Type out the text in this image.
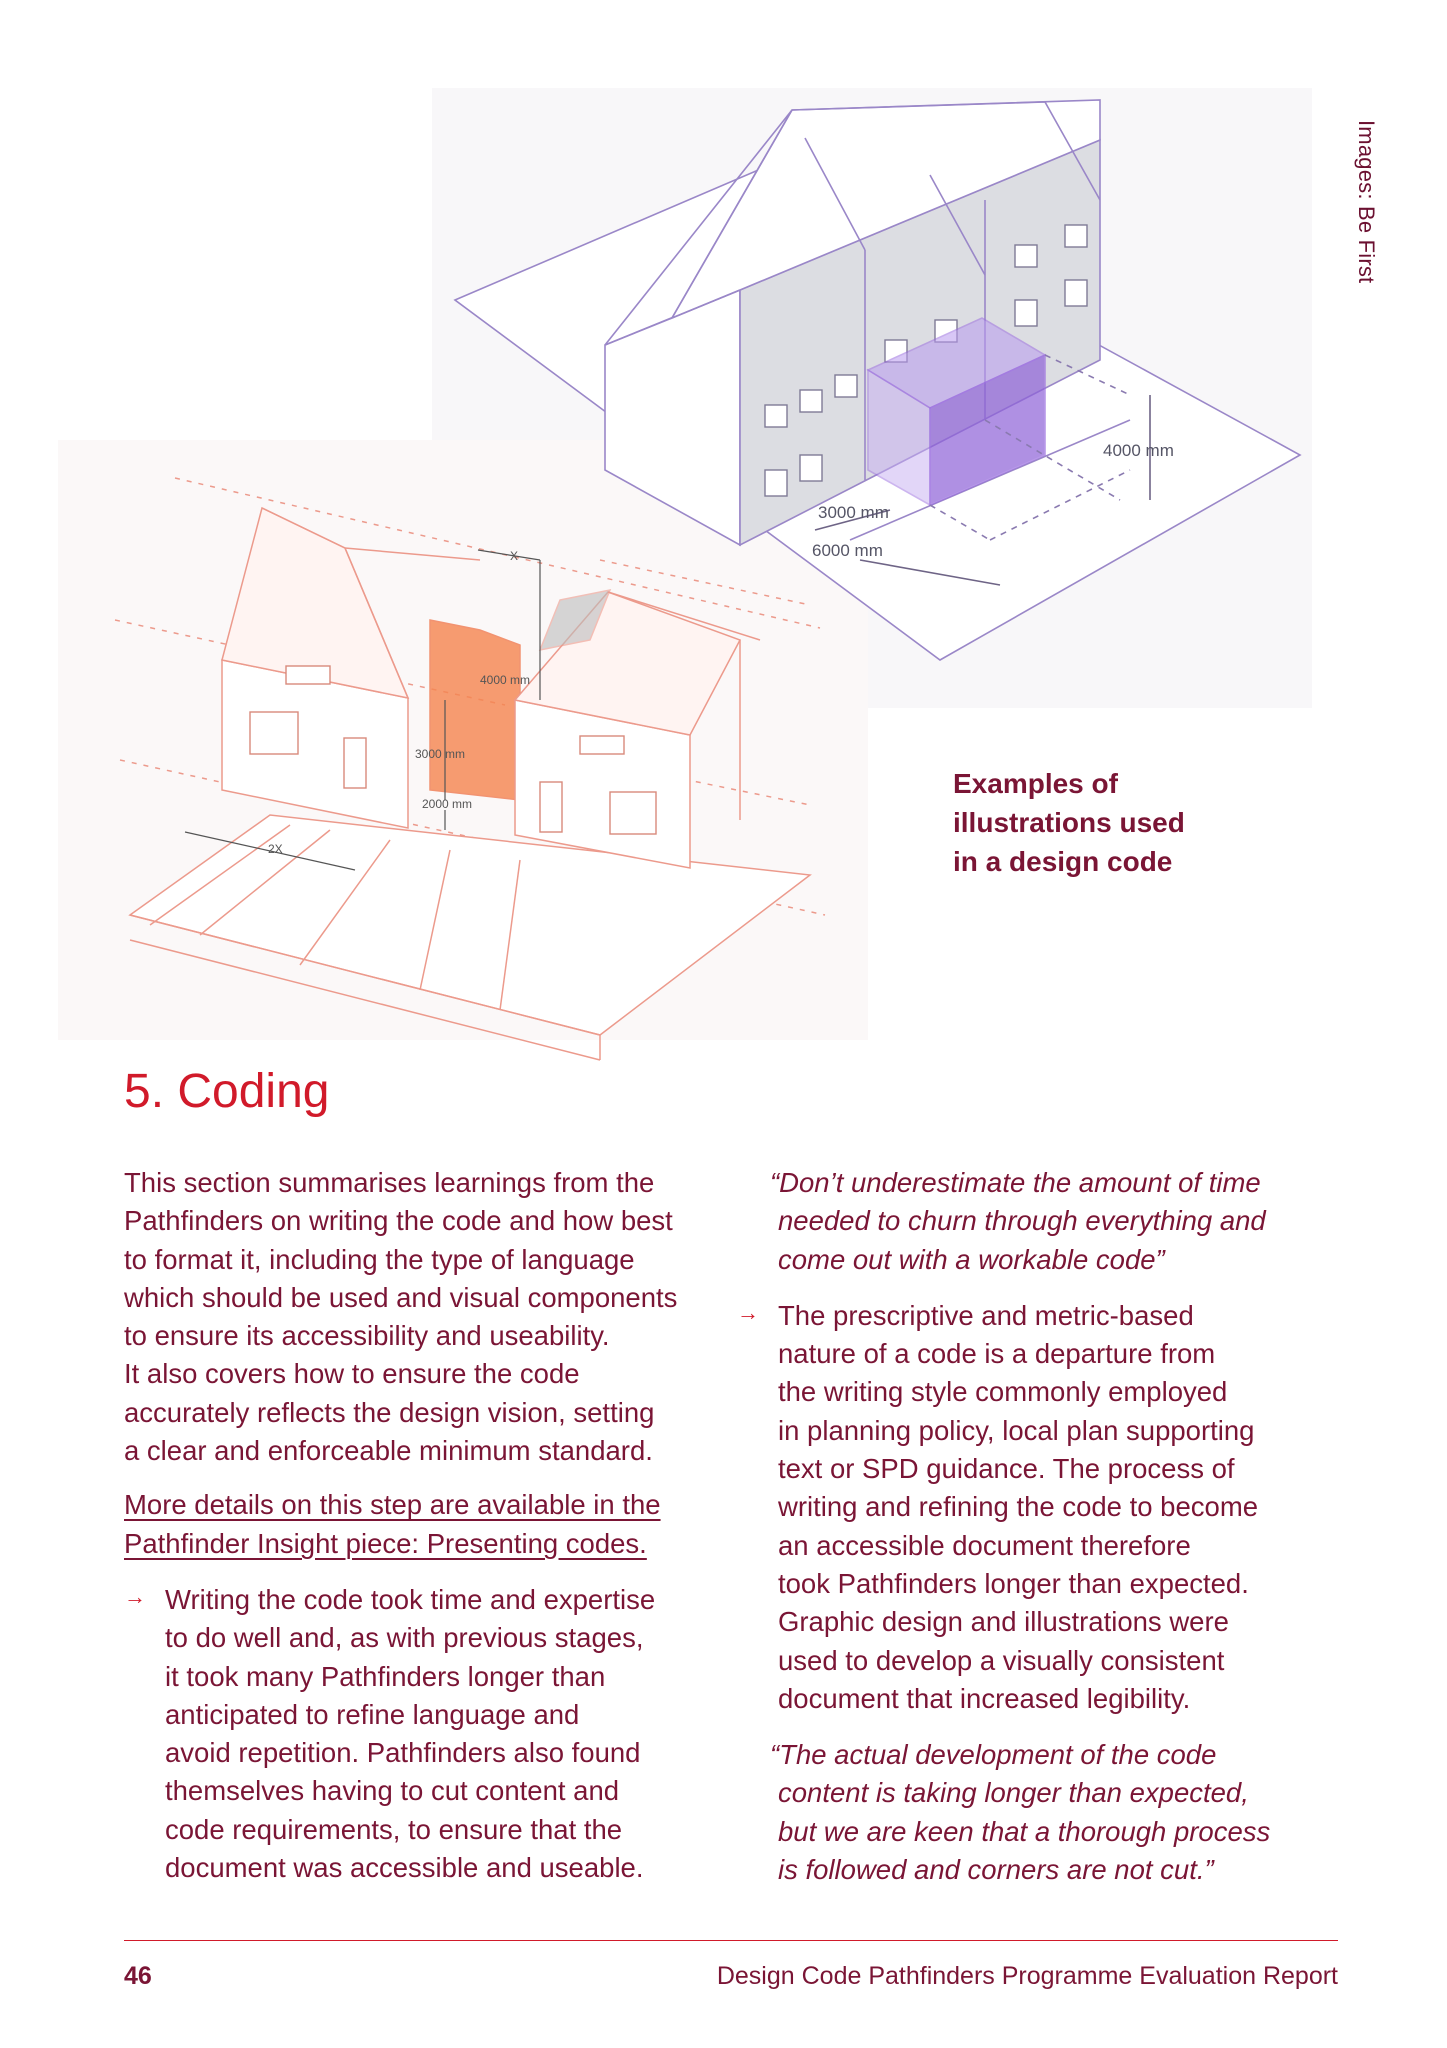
4000 mm
3000 mm
6000 mm
4000 mm
3000 mm
2000 mm
X
2X
Images: Be First
Examples of
illustrations used
in a design code
5. Coding

This section summarises learnings from the
Pathfinders on writing the code and how best
to format it, including the type of language
which should be used and visual components
to ensure its accessibility and useability.
It also covers how to ensure the code
accurately reflects the design vision, setting
a clear and enforceable minimum standard.

More details on this step are available in the
Pathfinder Insight piece: Presenting codes.
→ Writing the code took time and expertise
to do well and, as with previous stages,
it took many Pathfinders longer than
anticipated to refine language and
avoid repetition. Pathfinders also found
themselves having to cut content and
code requirements, to ensure that the
document was accessible and useable.

“Don’t underestimate the amount of time
needed to churn through everything and
come out with a workable code”

→ The prescriptive and metric-based
nature of a code is a departure from
the writing style commonly employed
in planning policy, local plan supporting
text or SPD guidance. The process of
writing and refining the code to become
an accessible document therefore
took Pathfinders longer than expected.
Graphic design and illustrations were
used to develop a visually consistent
document that increased legibility.

“The actual development of the code
content is taking longer than expected,
but we are keen that a thorough process
is followed and corners are not cut.”

46	Design Code Pathfinders Programme Evaluation Report
